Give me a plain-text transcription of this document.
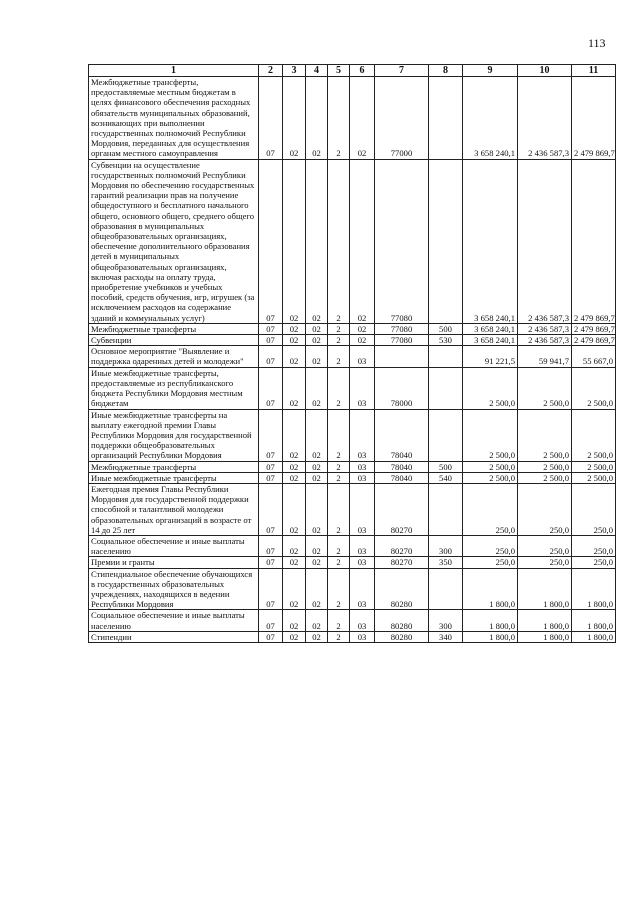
113
1	2	3	4	5	6	7	8	9	10	11
Межбюджетные трансферты, предоставляемые местным бюджетам в целях финансового обеспечения расходных обязательств муниципальных образований, возникающих при выполнении государственных полномочий Республики Мордовия, переданных для осуществления органам местного самоуправления	07	02	02	2	02	77000		3 658 240,1	2 436 587,3	2 479 869,7
Субвенции на осуществление государственных полномочий Республики Мордовия по обеспечению государственных гарантий реализации прав на получение общедоступного и бесплатного начального общего, основного общего, среднего общего образования в муниципальных общеобразовательных организациях, обеспечение дополнительного образования детей в муниципальных общеобразовательных организациях, включая расходы на оплату труда, приобретение учебников и учебных пособий, средств обучения, игр, игрушек (за исключением расходов на содержание зданий и коммунальных услуг)	07	02	02	2	02	77080		3 658 240,1	2 436 587,3	2 479 869,7
Межбюджетные трансферты	07	02	02	2	02	77080	500	3 658 240,1	2 436 587,3	2 479 869,7
Субвенции	07	02	02	2	02	77080	530	3 658 240,1	2 436 587,3	2 479 869,7
Основное мероприятие "Выявление и поддержка одаренных детей и молодежи"	07	02	02	2	03			91 221,5	59 941,7	55 667,0
Иные межбюджетные трансферты, предоставляемые из республиканского бюджета Республики Мордовия местным бюджетам	07	02	02	2	03	78000		2 500,0	2 500,0	2 500,0
Иные межбюджетные трансферты на выплату ежегодной премии Главы Республики Мордовия для государственной поддержки общеобразовательных организаций Республики Мордовия	07	02	02	2	03	78040		2 500,0	2 500,0	2 500,0
Межбюджетные трансферты	07	02	02	2	03	78040	500	2 500,0	2 500,0	2 500,0
Иные межбюджетные трансферты	07	02	02	2	03	78040	540	2 500,0	2 500,0	2 500,0
Ежегодная премия Главы Республики Мордовия для государственной поддержки способной и талантливой молодежи образовательных организаций в возрасте от 14 до 25 лет	07	02	02	2	03	80270		250,0	250,0	250,0
Социальное обеспечение и иные выплаты населению	07	02	02	2	03	80270	300	250,0	250,0	250,0
Премии и гранты	07	02	02	2	03	80270	350	250,0	250,0	250,0
Стипендиальное обеспечение обучающихся в государственных образовательных учреждениях, находящихся в ведении Республики Мордовия	07	02	02	2	03	80280		1 800,0	1 800,0	1 800,0
Социальное обеспечение и иные выплаты населению	07	02	02	2	03	80280	300	1 800,0	1 800,0	1 800,0
Стипендии	07	02	02	2	03	80280	340	1 800,0	1 800,0	1 800,0
